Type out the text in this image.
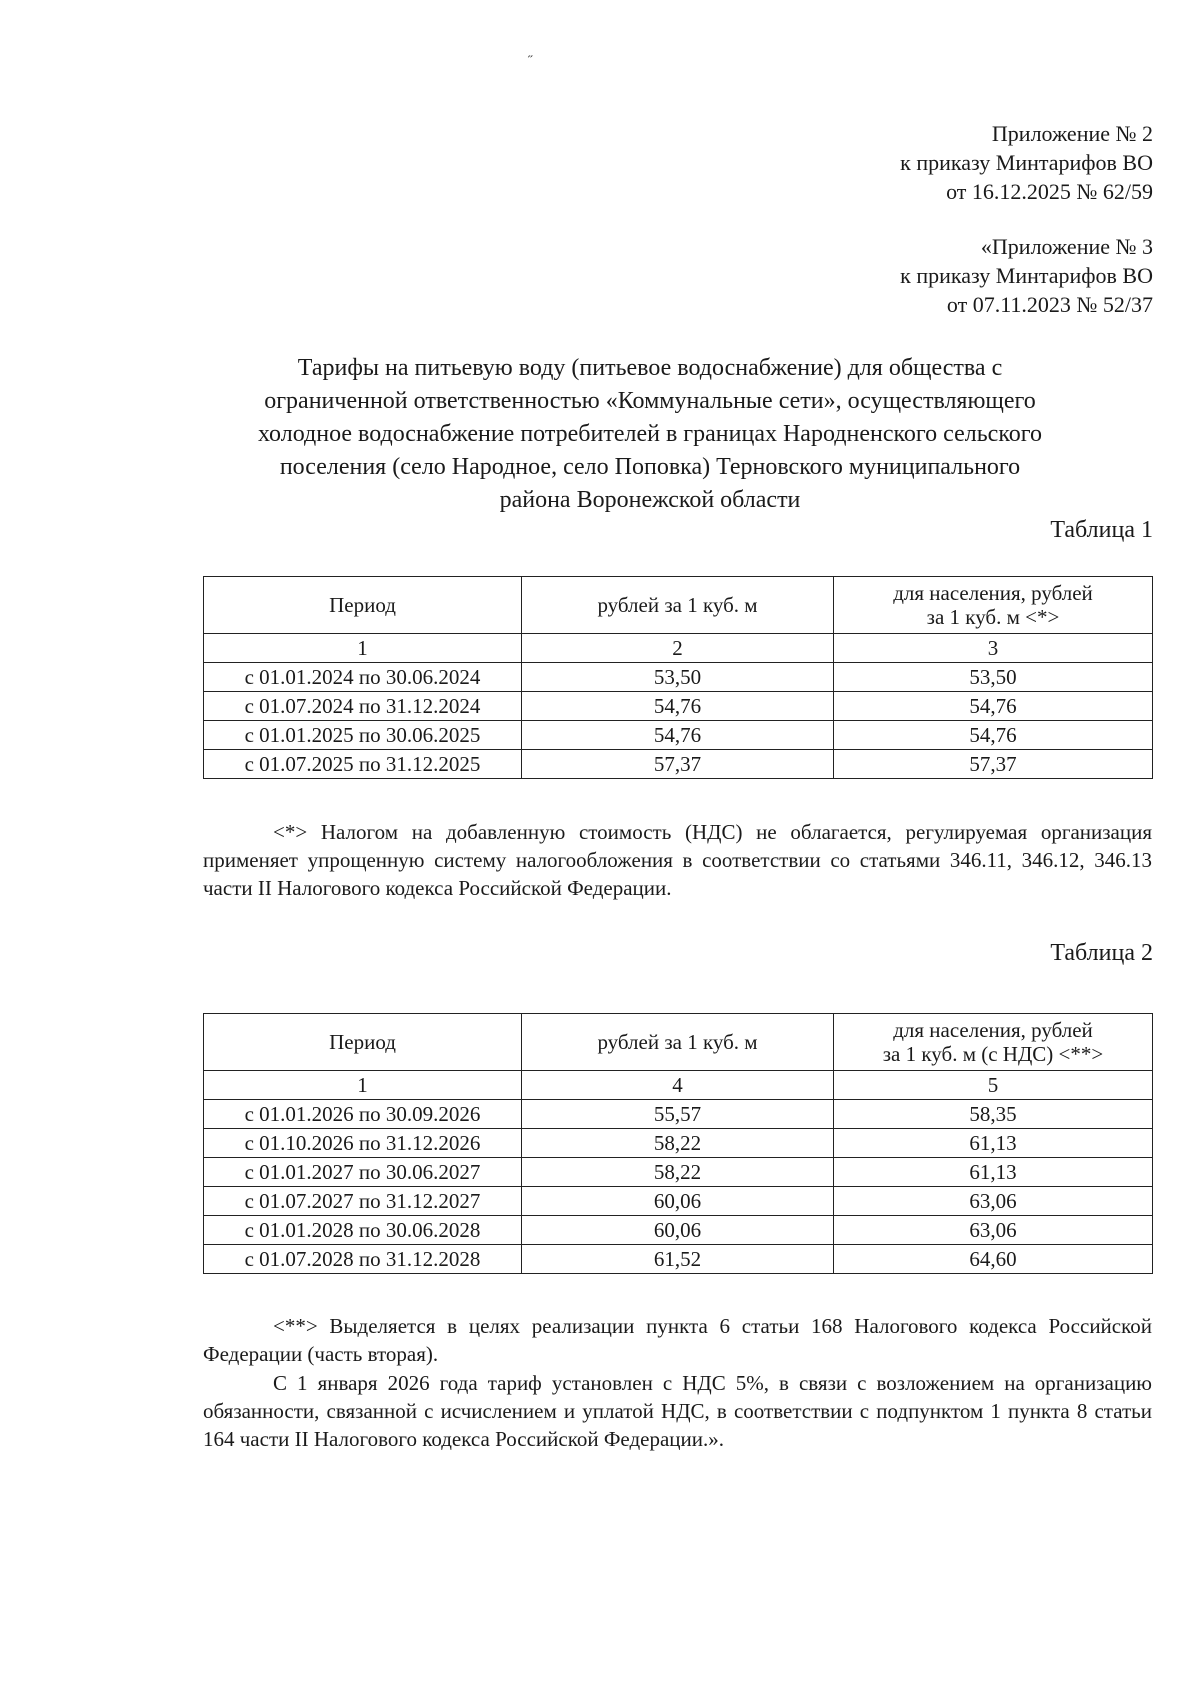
˶
Приложение № 2
к приказу Минтарифов ВО
от 16.12.2025 № 62/59
«Приложение № 3
к приказу Минтарифов ВО
от 07.11.2023 № 52/37
Тарифы на питьевую воду (питьевое водоснабжение) для общества с
ограниченной ответственностью «Коммунальные сети», осуществляющего
холодное водоснабжение потребителей в границах Народненского сельского
поселения (село Народное, село Поповка) Терновского муниципального
района Воронежской области
Таблица 1
Период	рублей за 1 куб. м	для населения, рублей
за 1 куб. м <*>

1	2	3
с 01.01.2024 по 30.06.2024	53,50	53,50
с 01.07.2024 по 31.12.2024	54,76	54,76
с 01.01.2025 по 30.06.2025	54,76	54,76
с 01.07.2025 по 31.12.2025	57,37	57,37

<*> Налогом на добавленную стоимость (НДС) не облагается, регулируемая организация применяет упрощенную систему налогообложения в соответствии со статьями 346.11, 346.12, 346.13 части II Налогового кодекса Российской Федерации.

Таблица 2
Период	рублей за 1 куб. м	для населения, рублей
за 1 куб. м (с НДС) <**>

1	4	5
с 01.01.2026 по 30.09.2026	55,57	58,35
с 01.10.2026 по 31.12.2026	58,22	61,13
с 01.01.2027 по 30.06.2027	58,22	61,13
с 01.07.2027 по 31.12.2027	60,06	63,06
с 01.01.2028 по 30.06.2028	60,06	63,06
с 01.07.2028 по 31.12.2028	61,52	64,60

<**> Выделяется в целях реализации пункта 6 статьи 168 Налогового кодекса Российской Федерации (часть вторая).

С 1 января 2026 года тариф установлен с НДС 5%, в связи с возложением на организацию обязанности, связанной с исчислением и уплатой НДС, в соответствии с подпунктом 1 пункта 8 статьи 164 части II Налогового кодекса Российской Федерации.».
